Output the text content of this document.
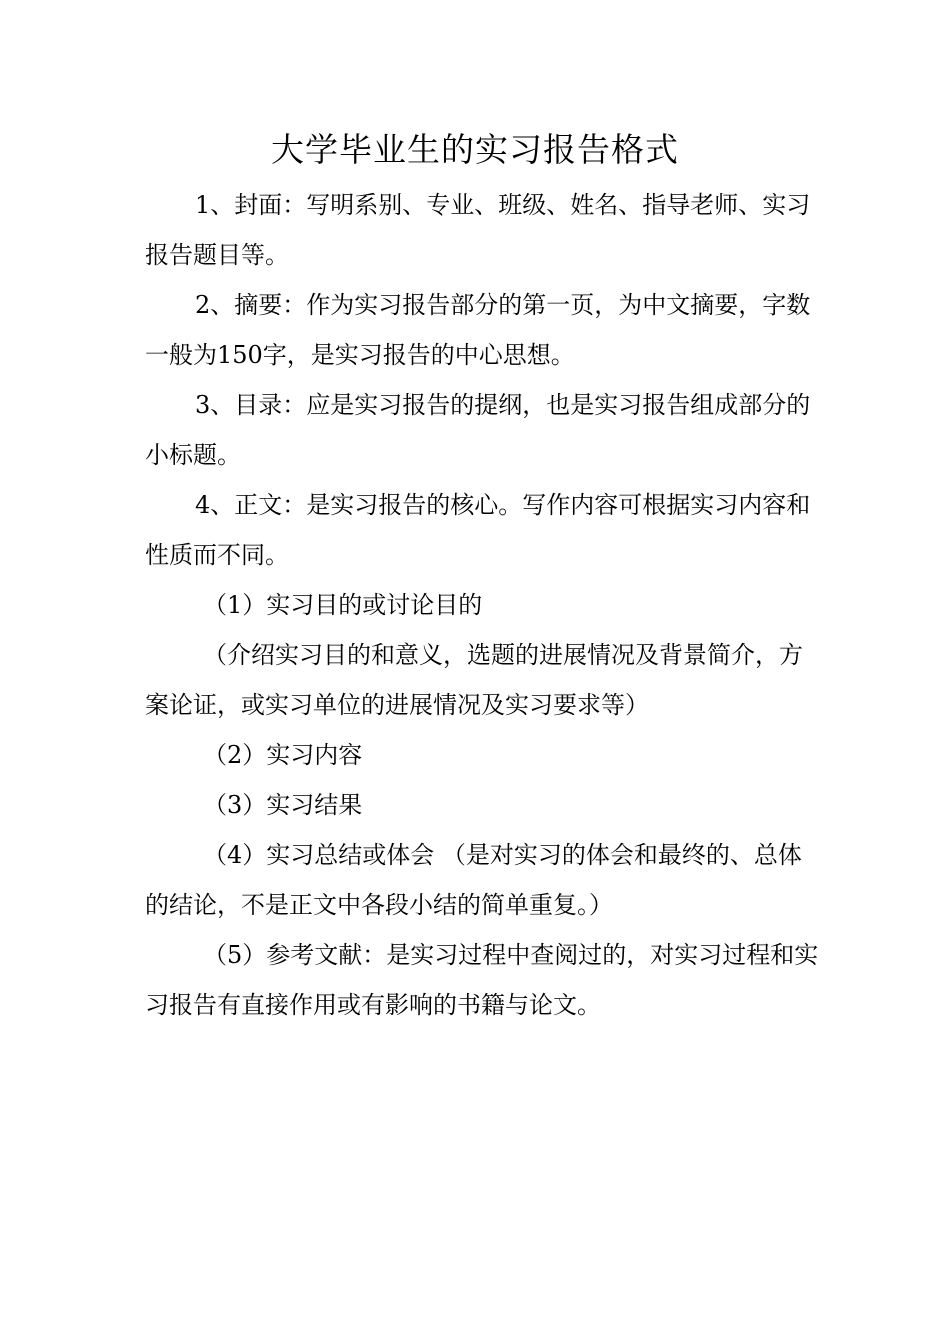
大学毕业生的实习报告格式

1、封面：写明系别、专业、班级、姓名、指导老师、实习报告题目等。

2、摘要：作为实习报告部分的第一页，为中文摘要，字数一般为150字，是实习报告的中心思想。

3、目录：应是实习报告的提纲，也是实习报告组成部分的小标题。

4、正文：是实习报告的核心。写作内容可根据实习内容和性质而不同。

（1）实习目的或讨论目的

（介绍实习目的和意义，选题的进展情况及背景简介，方案论证，或实习单位的进展情况及实习要求等）

（2）实习内容

（3）实习结果

（4）实习总结或体会 （是对实习的体会和最终的、总体的结论，不是正文中各段小结的简单重复。）

（5）参考文献：是实习过程中查阅过的，对实习过程和实习报告有直接作用或有影响的书籍与论文。
